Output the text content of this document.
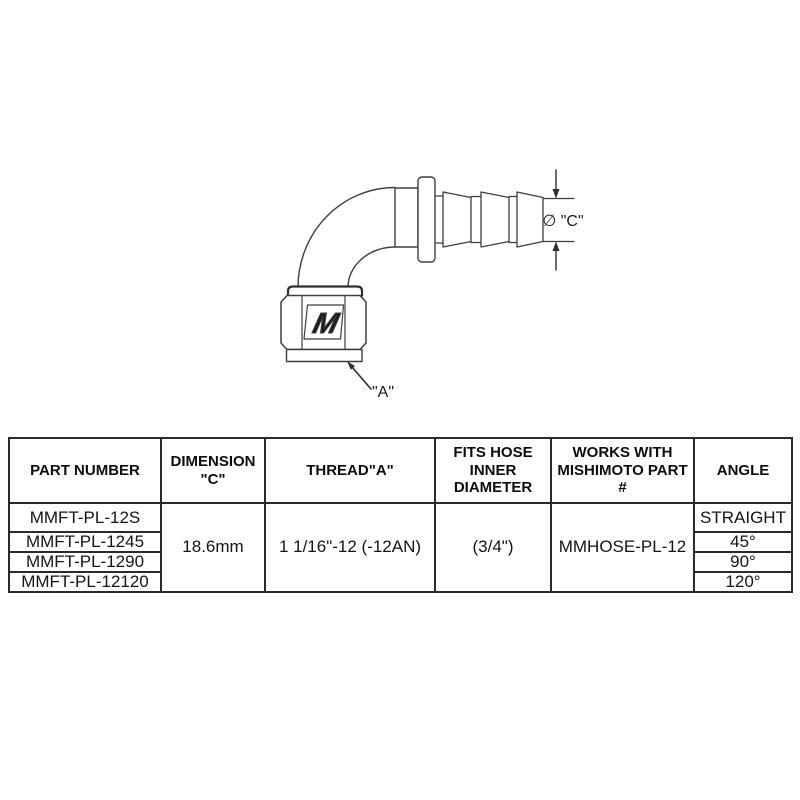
∅ "C"
M
"A"
PART NUMBER	DIMENSION "C"	THREAD"A"	FITS HOSE INNER DIAMETER	WORKS WITH MISHIMOTO PART #	ANGLE
MMFT-PL-12S	18.6mm	1 1/16"-12 (-12AN)	(3/4")	MMHOSE-PL-12	STRAIGHT
MMFT-PL-1245					45°
MMFT-PL-1290					90°
MMFT-PL-12120					120°
